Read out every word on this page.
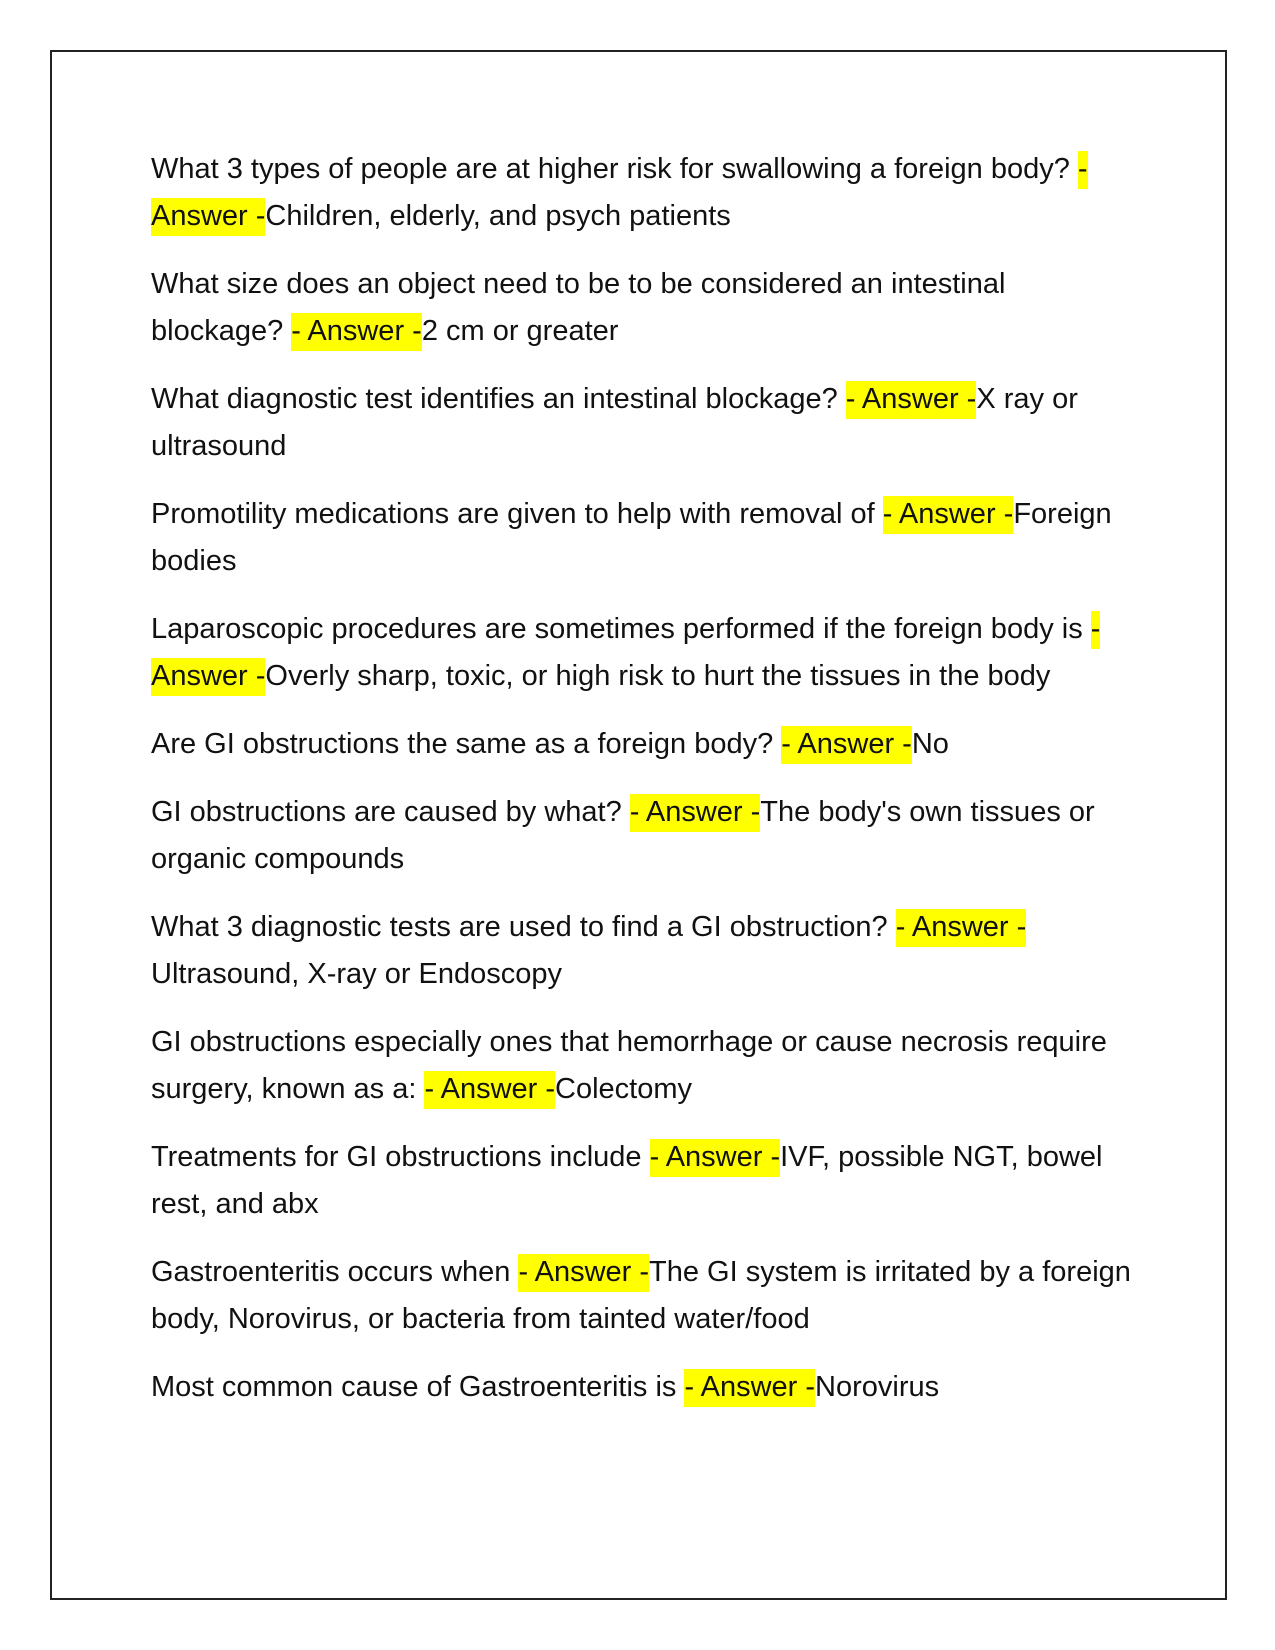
What 3 types of people are at higher risk for swallowing a foreign body? - Answer -Children, elderly, and psych patients
What size does an object need to be to be considered an intestinal blockage? - Answer -2 cm or greater
What diagnostic test identifies an intestinal blockage? - Answer -X ray or ultrasound
Promotility medications are given to help with removal of - Answer -Foreign bodies
Laparoscopic procedures are sometimes performed if the foreign body is - Answer -Overly sharp, toxic, or high risk to hurt the tissues in the body
Are GI obstructions the same as a foreign body? - Answer -No
GI obstructions are caused by what? - Answer -The body's own tissues or organic compounds
What 3 diagnostic tests are used to find a GI obstruction? - Answer -Ultrasound, X-ray or Endoscopy
GI obstructions especially ones that hemorrhage or cause necrosis require surgery, known as a: - Answer -Colectomy
Treatments for GI obstructions include - Answer -IVF, possible NGT, bowel rest, and abx
Gastroenteritis occurs when - Answer -The GI system is irritated by a foreign body, Norovirus, or bacteria from tainted water/food
Most common cause of Gastroenteritis is - Answer -Norovirus
